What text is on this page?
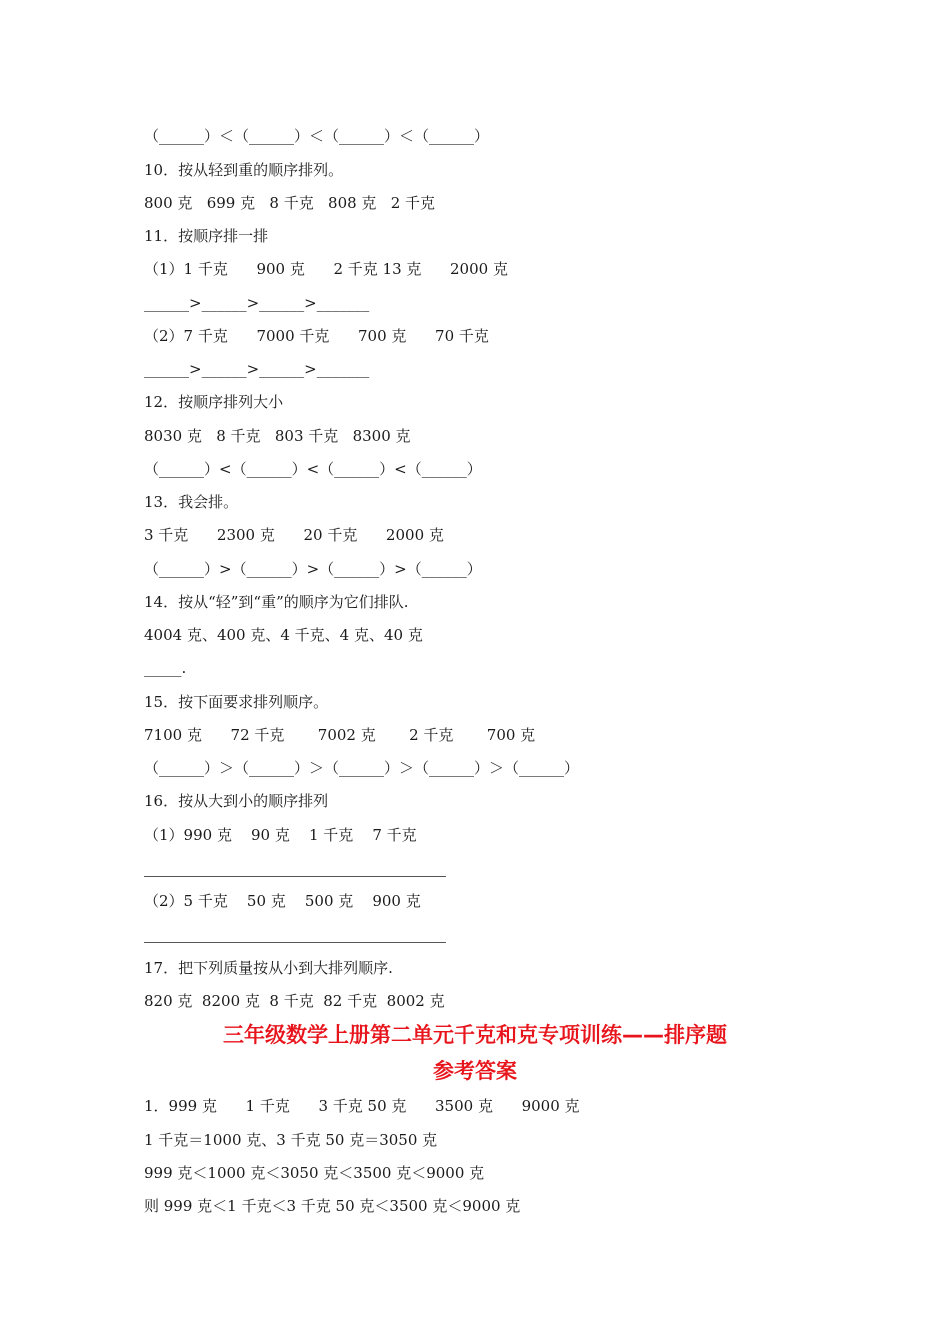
（______）＜（______）＜（______）＜（______）
10．按从轻到重的顺序排列。
800 克   699 克   8 千克   808 克   2 千克
11．按顺序排一排
（1）1 千克      900 克      2 千克 13 克      2000 克
______>______>______>_______
（2）7 千克      7000 千克      700 克      70 千克
______>______>______>_______
12．按顺序排列大小
8030 克   8 千克   803 千克   8300 克
（______）<（______）<（______）<（______）
13．我会排。
3 千克      2300 克      20 千克      2000 克
（______）>（______）>（______）>（______）
14．按从“轻”到“重”的顺序为它们排队.
4004 克、400 克、4 千克、4 克、40 克
_____.
15．按下面要求排列顺序。
7100 克      72 千克       7002 克       2 千克       700 克
（______）＞（______）＞（______）＞（______）＞（______）
16．按从大到小的顺序排列
（1）990 克    90 克    1 千克    7 千克
（2）5 千克    50 克    500 克    900 克
17．把下列质量按从小到大排列顺序.
820 克  8200 克  8 千克  82 千克  8002 克
三年级数学上册第二单元千克和克专项训练——排序题
参考答案
1．999 克      1 千克      3 千克 50 克      3500 克      9000 克
1 千克＝1000 克、3 千克 50 克＝3050 克
999 克＜1000 克＜3050 克＜3500 克＜9000 克
则 999 克＜1 千克＜3 千克 50 克＜3500 克＜9000 克
